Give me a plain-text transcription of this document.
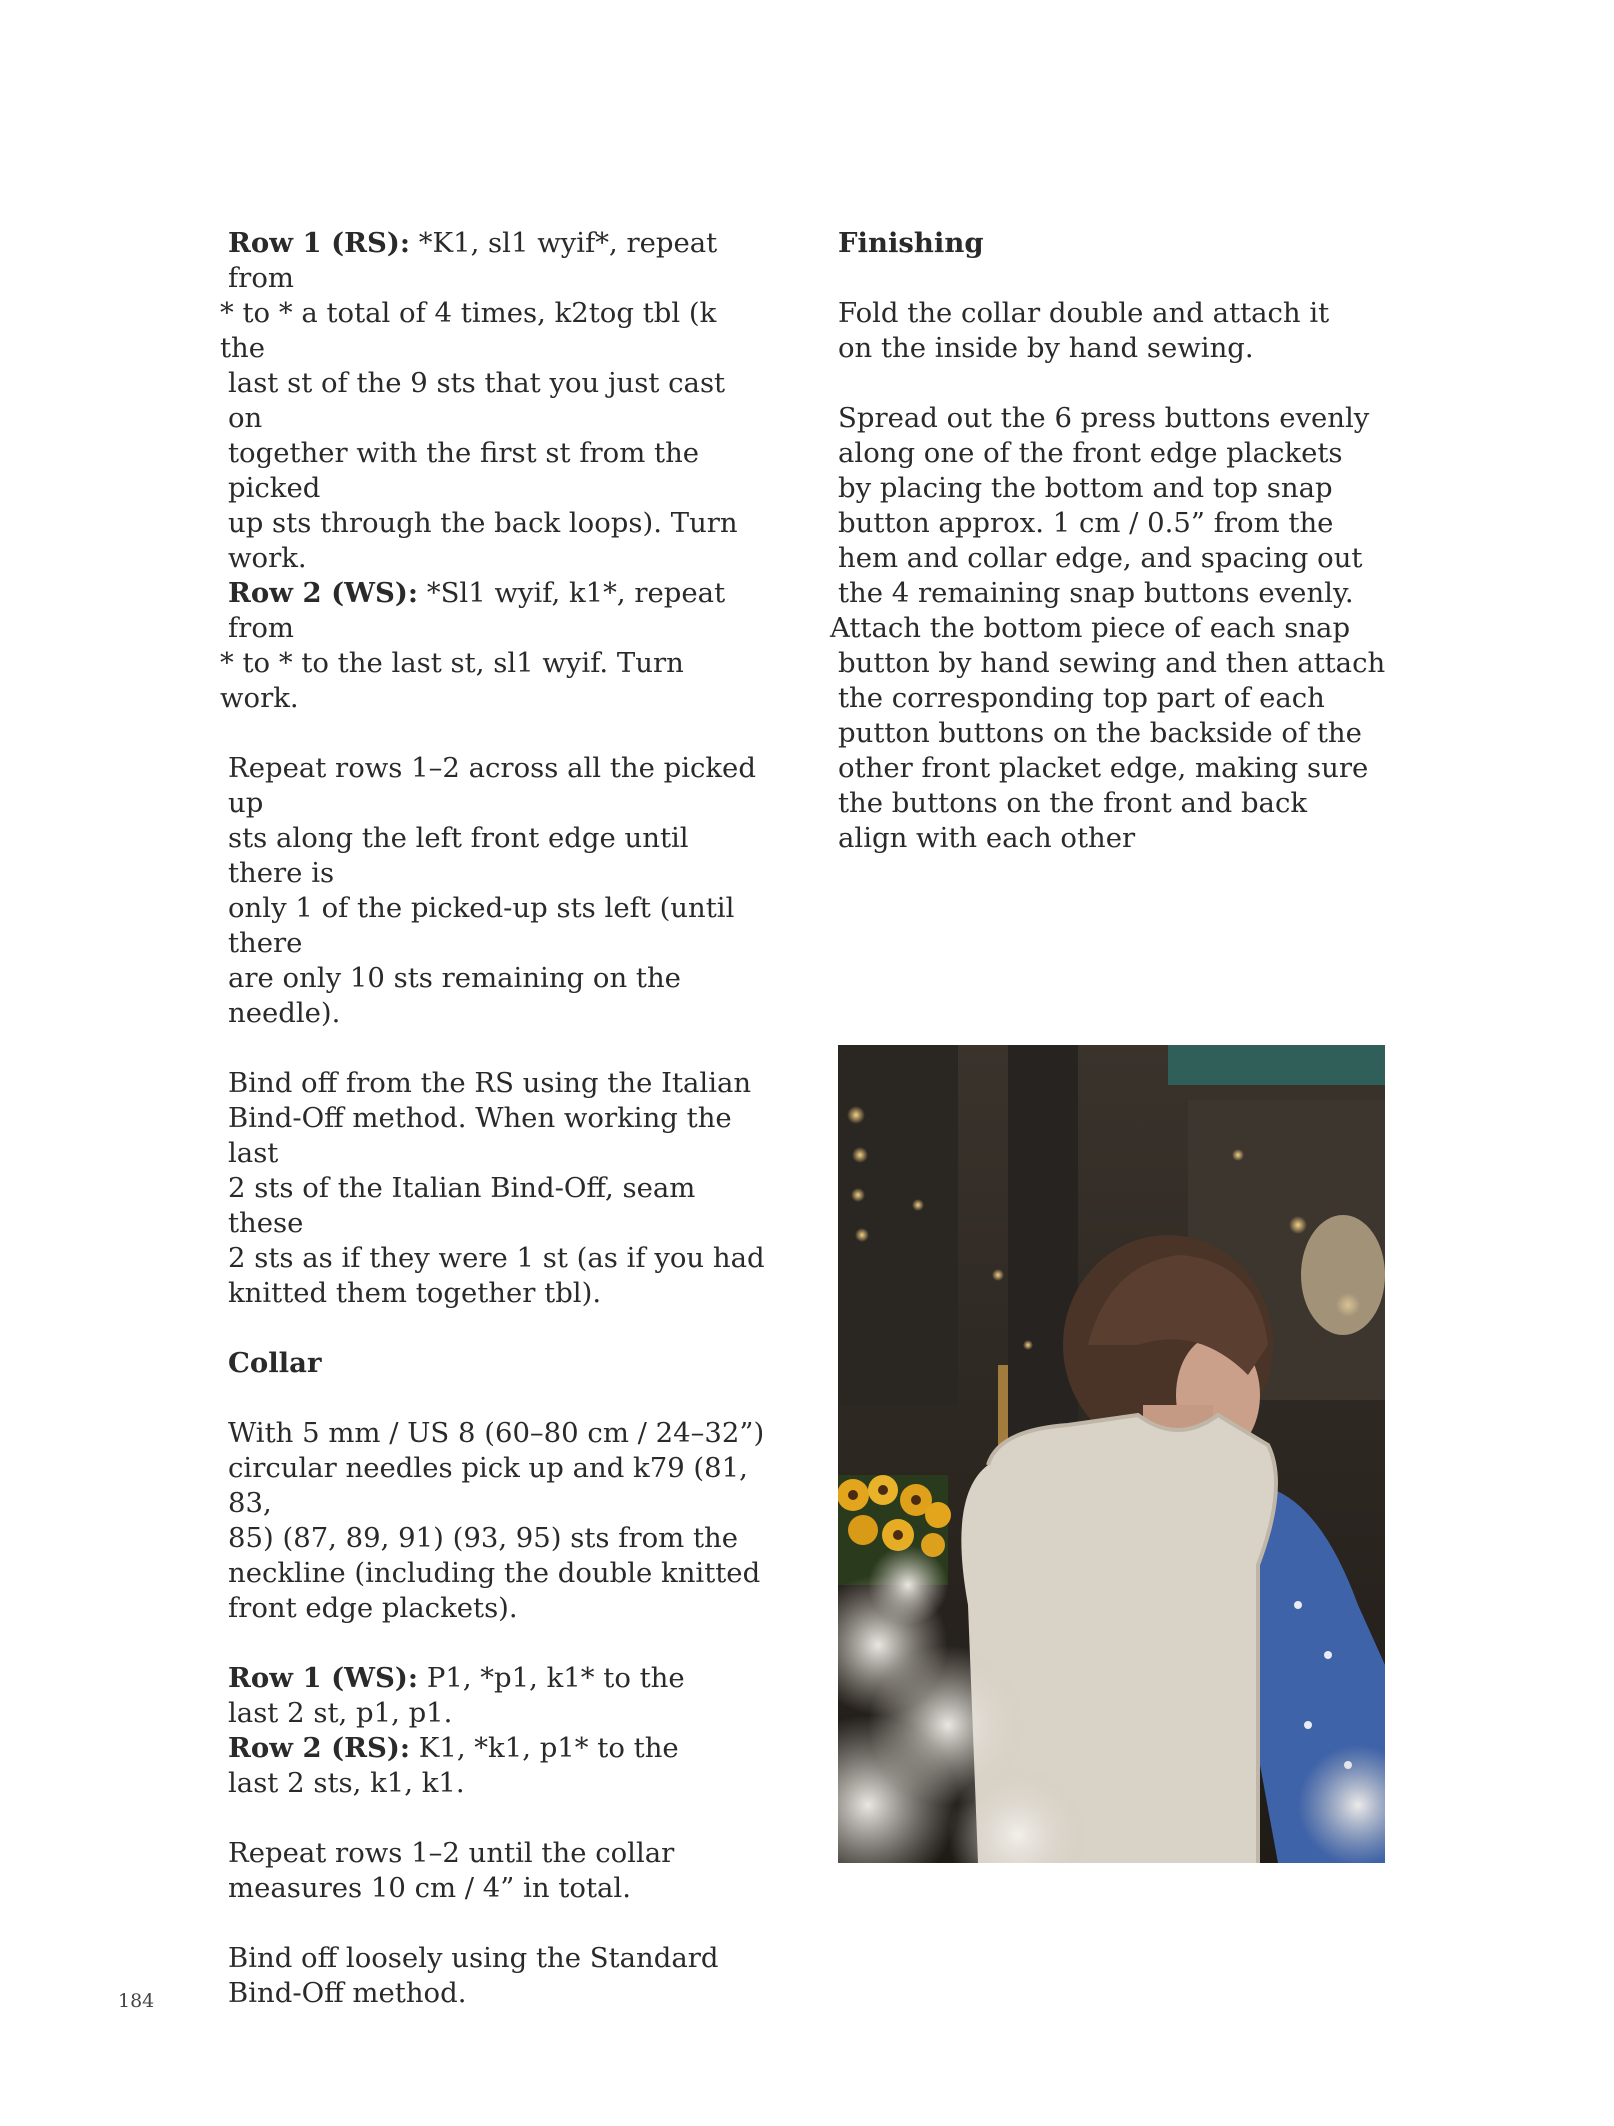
Row 1 (RS): *K1, sl1 wyif*, repeat from
* to * a total of 4 times, k2tog tbl (k the
last st of the 9 sts that you just cast on
together with the first st from the picked
up sts through the back loops). Turn work.
Row 2 (WS): *Sl1 wyif, k1*, repeat from
* to * to the last st, sl1 wyif. Turn work.
Repeat rows 1–2 across all the picked up
sts along the left front edge until there is
only 1 of the picked-up sts left (until there
are only 10 sts remaining on the needle).
Bind off from the RS using the Italian
Bind-Off method. When working the last
2 sts of the Italian Bind-Off, seam these
2 sts as if they were 1 st (as if you had
knitted them together tbl).
Collar
With 5 mm / US 8 (60–80 cm / 24–32”)
circular needles pick up and k79 (81, 83,
85) (87, 89, 91) (93, 95) sts from the
neckline (including the double knitted
front edge plackets).
Row 1 (WS): P1, *p1, k1* to the
last 2 st, p1, p1.
Row 2 (RS): K1, *k1, p1* to the
last 2 sts, k1, k1.
Repeat rows 1–2 until the collar
measures 10 cm / 4” in total.
Bind off loosely using the Standard
Bind-Off method.
Finishing
Fold the collar double and attach it
on the inside by hand sewing.
Spread out the 6 press buttons evenly
along one of the front edge plackets
by placing the bottom and top snap
button approx. 1 cm / 0.5” from the
hem and collar edge, and spacing out
the 4 remaining snap buttons evenly.
Attach the bottom piece of each snap
button by hand sewing and then attach
the corresponding top part of each
putton buttons on the backside of the
other front placket edge, making sure
the buttons on the front and back
align with each other
184
